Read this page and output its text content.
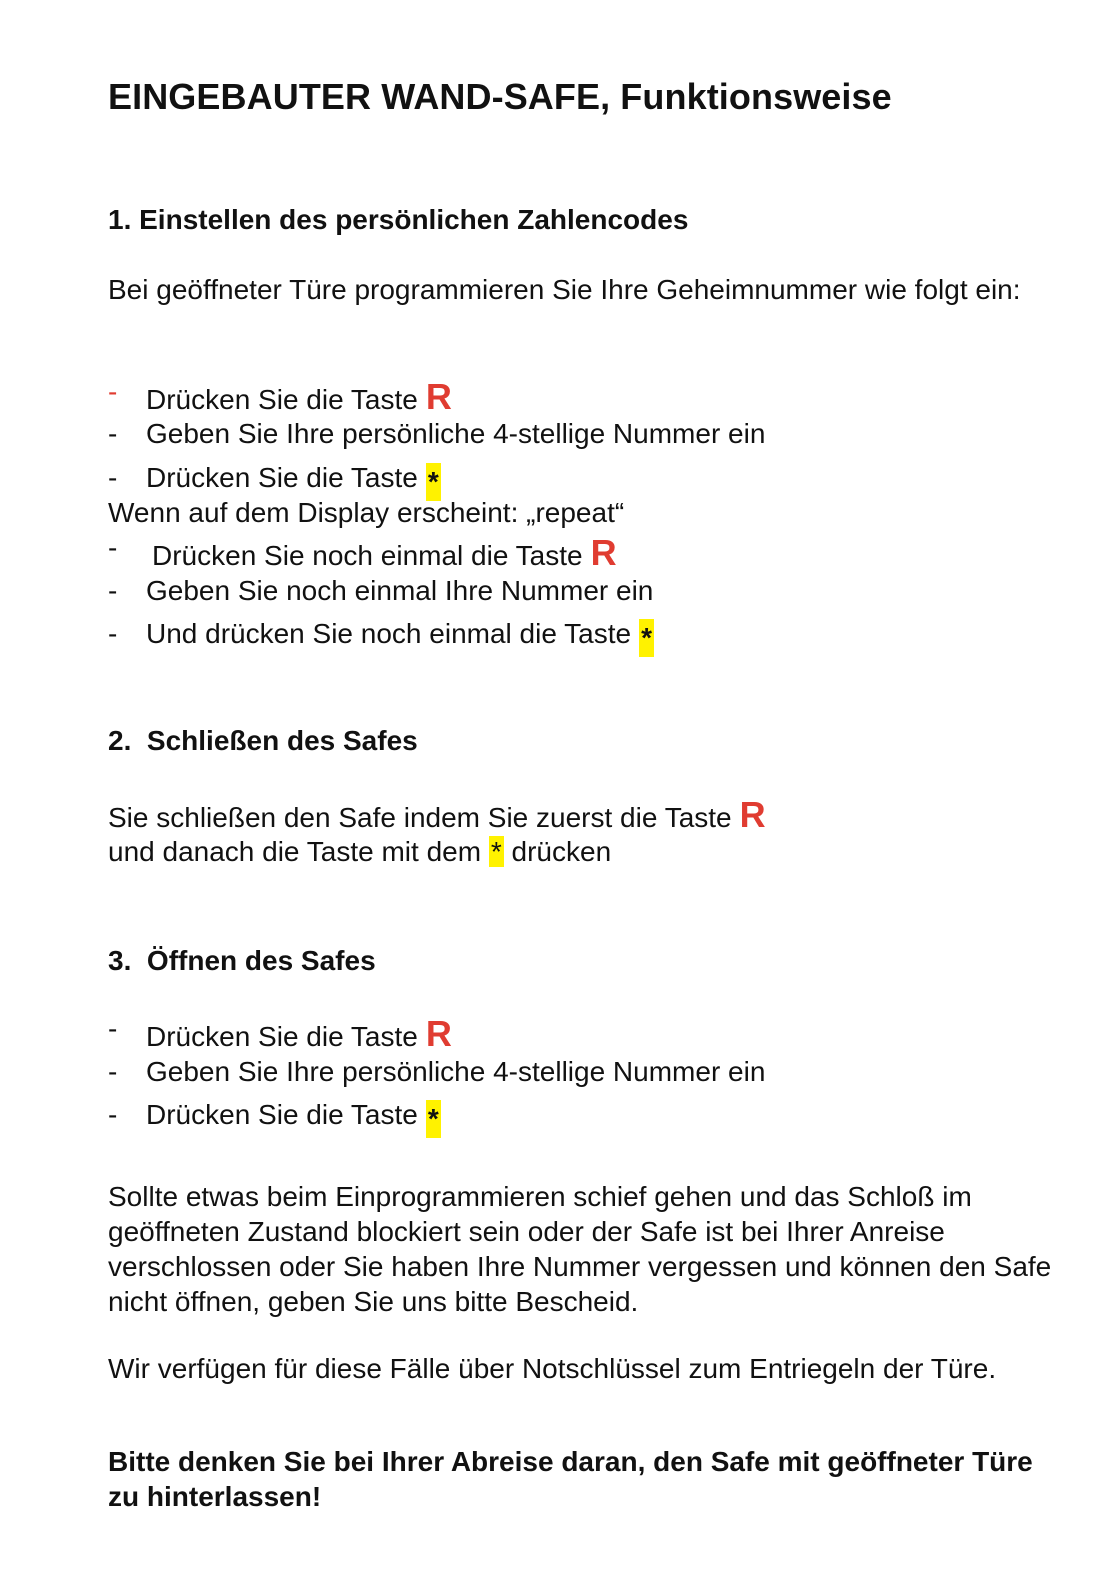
EINGEBAUTER WAND-SAFE, Funktionsweise
1. Einstellen des persönlichen Zahlencodes

Bei geöffneter Türe programmieren Sie Ihre Geheimnummer wie folgt ein:

- Drücken Sie die Taste R
- Geben Sie Ihre persönliche 4-stellige Nummer ein
- Drücken Sie die Taste *
Wenn auf dem Display erscheint: „repeat“
- Drücken Sie noch einmal die Taste R
- Geben Sie noch einmal Ihre Nummer ein
- Und drücken Sie noch einmal die Taste *
2. Schließen des Safes
Sie schließen den Safe indem Sie zuerst die Taste R
und danach die Taste mit dem * drücken
3. Öffnen des Safes
- Drücken Sie die Taste R
- Geben Sie Ihre persönliche 4-stellige Nummer ein
- Drücken Sie die Taste *

Sollte etwas beim Einprogrammieren schief gehen und das Schloß im geöffneten Zustand blockiert sein oder der Safe ist bei Ihrer Anreise verschlossen oder Sie haben Ihre Nummer vergessen und können den Safe nicht öffnen, geben Sie uns bitte Bescheid.

Wir verfügen für diese Fälle über Notschlüssel zum Entriegeln der Türe.

Bitte denken Sie bei Ihrer Abreise daran, den Safe mit geöffneter Türe zu hinterlassen!
